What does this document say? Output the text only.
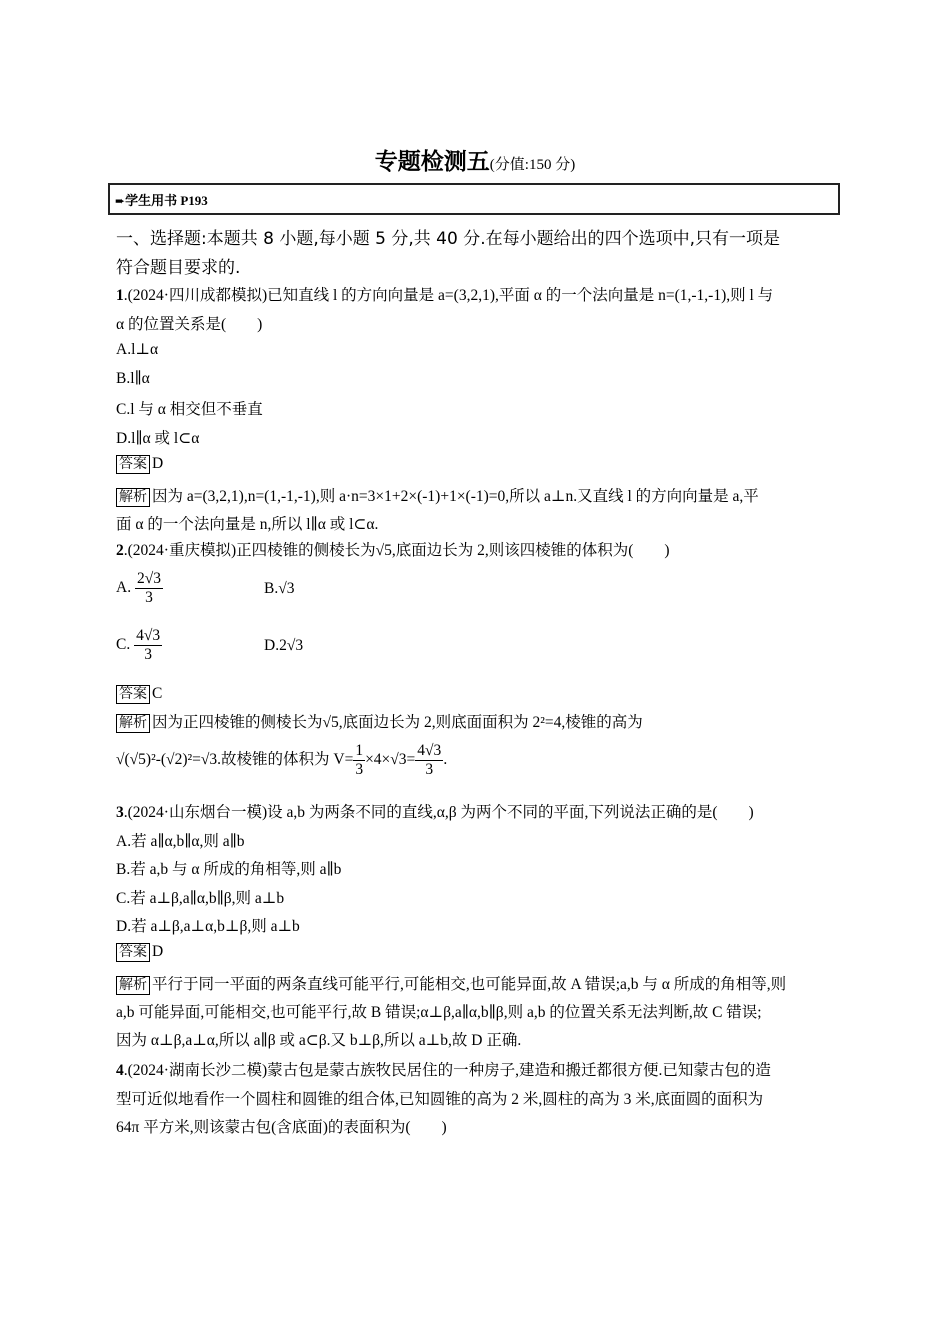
专题检测五(分值:150 分)
➨学生用书 P193
一、选择题:本题共 8 小题,每小题 5 分,共 40 分.在每小题给出的四个选项中,只有一项是
符合题目要求的.
1.(2024·四川成都模拟)已知直线 l 的方向向量是 a=(3,2,1),平面 α 的一个法向量是 n=(1,-1,-1),则 l 与
α 的位置关系是(　　)
A.l⊥α
B.l∥α
C.l 与 α 相交但不垂直
D.l∥α 或 l⊂α
答案 D
解析 因为 a=(3,2,1),n=(1,-1,-1),则 a·n=3×1+2×(-1)+1×(-1)=0,所以 a⊥n.又直线 l 的方向向量是 a,平
面 α 的一个法向量是 n,所以 l∥α 或 l⊂α.
2.(2024·重庆模拟)正四棱锥的侧棱长为√5,底面边长为 2,则该四棱锥的体积为(　　)
A. $\frac{2√3}{3}$	B.√3
C. $\frac{4√3}{3}$	D.2√3
答案 C
解析 因为正四棱锥的侧棱长为√5,底面边长为 2,则底面面积为 2²=4,棱锥的高为
√(√5)²-(√2)²=√3.故棱锥的体积为 $V= \frac{1}{3} \times 4\times√3= \frac{4√3}{3}$ .
3.(2024·山东烟台一模)设 a,b 为两条不同的直线,α,β 为两个不同的平面,下列说法正确的是(　　)
A.若 a∥α,b∥α,则 a∥b
B.若 a,b 与 α 所成的角相等,则 a∥b
C.若 a⊥β,a∥α,b∥β,则 a⊥b
D.若 a⊥β,a⊥α,b⊥β,则 a⊥b
答案 D
解析 平行于同一平面的两条直线可能平行,可能相交,也可能异面,故 A 错误;a,b 与 α 所成的角相等,则
a,b 可能异面,可能相交,也可能平行,故 B 错误;α⊥β,a∥α,b∥β,则 a,b 的位置关系无法判断,故 C 错误;
因为 α⊥β,a⊥α,所以 a∥β 或 a⊂β.又 b⊥β,所以 a⊥b,故 D 正确.
4.(2024·湖南长沙二模)蒙古包是蒙古族牧民居住的一种房子,建造和搬迁都很方便.已知蒙古包的造
型可近似地看作一个圆柱和圆锥的组合体,已知圆锥的高为 2 米,圆柱的高为 3 米,底面圆的面积为
64π 平方米,则该蒙古包(含底面)的表面积为(　　)
